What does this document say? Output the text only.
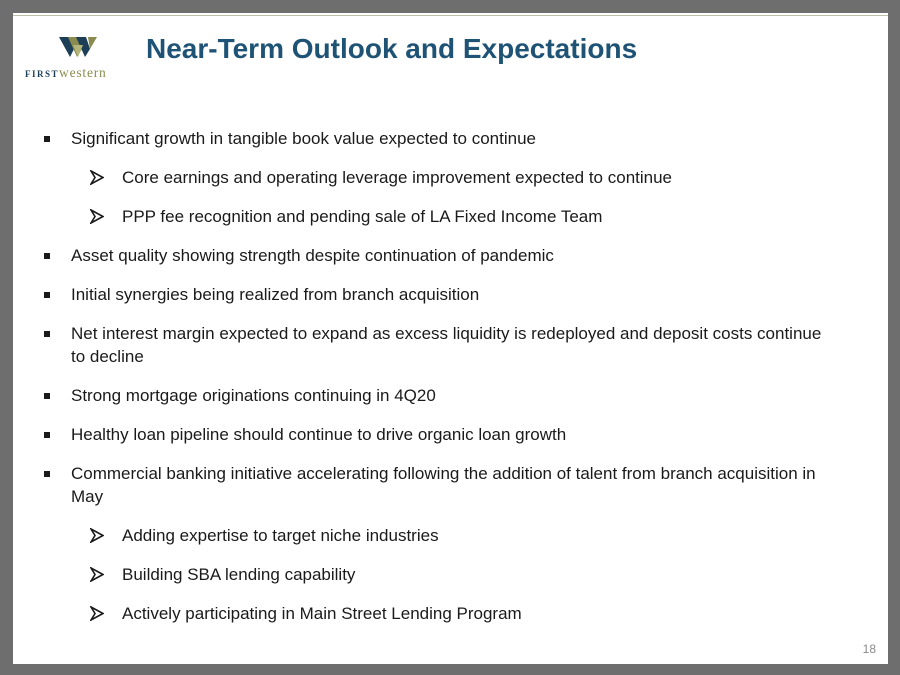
FIRSTwestern
Near-Term Outlook and Expectations
Significant growth in tangible book value expected to continue
Core earnings and operating leverage improvement expected to continue
PPP fee recognition and pending sale of LA Fixed Income Team
Asset quality showing strength despite continuation of pandemic
Initial synergies being realized from branch acquisition
Net interest margin expected to expand as excess liquidity is redeployed and deposit costs continue to decline
Strong mortgage originations continuing in 4Q20
Healthy loan pipeline should continue to drive organic loan growth
Commercial banking initiative accelerating following the addition of talent from branch acquisition in May
Adding expertise to target niche industries
Building SBA lending capability
Actively participating in Main Street Lending Program
18
